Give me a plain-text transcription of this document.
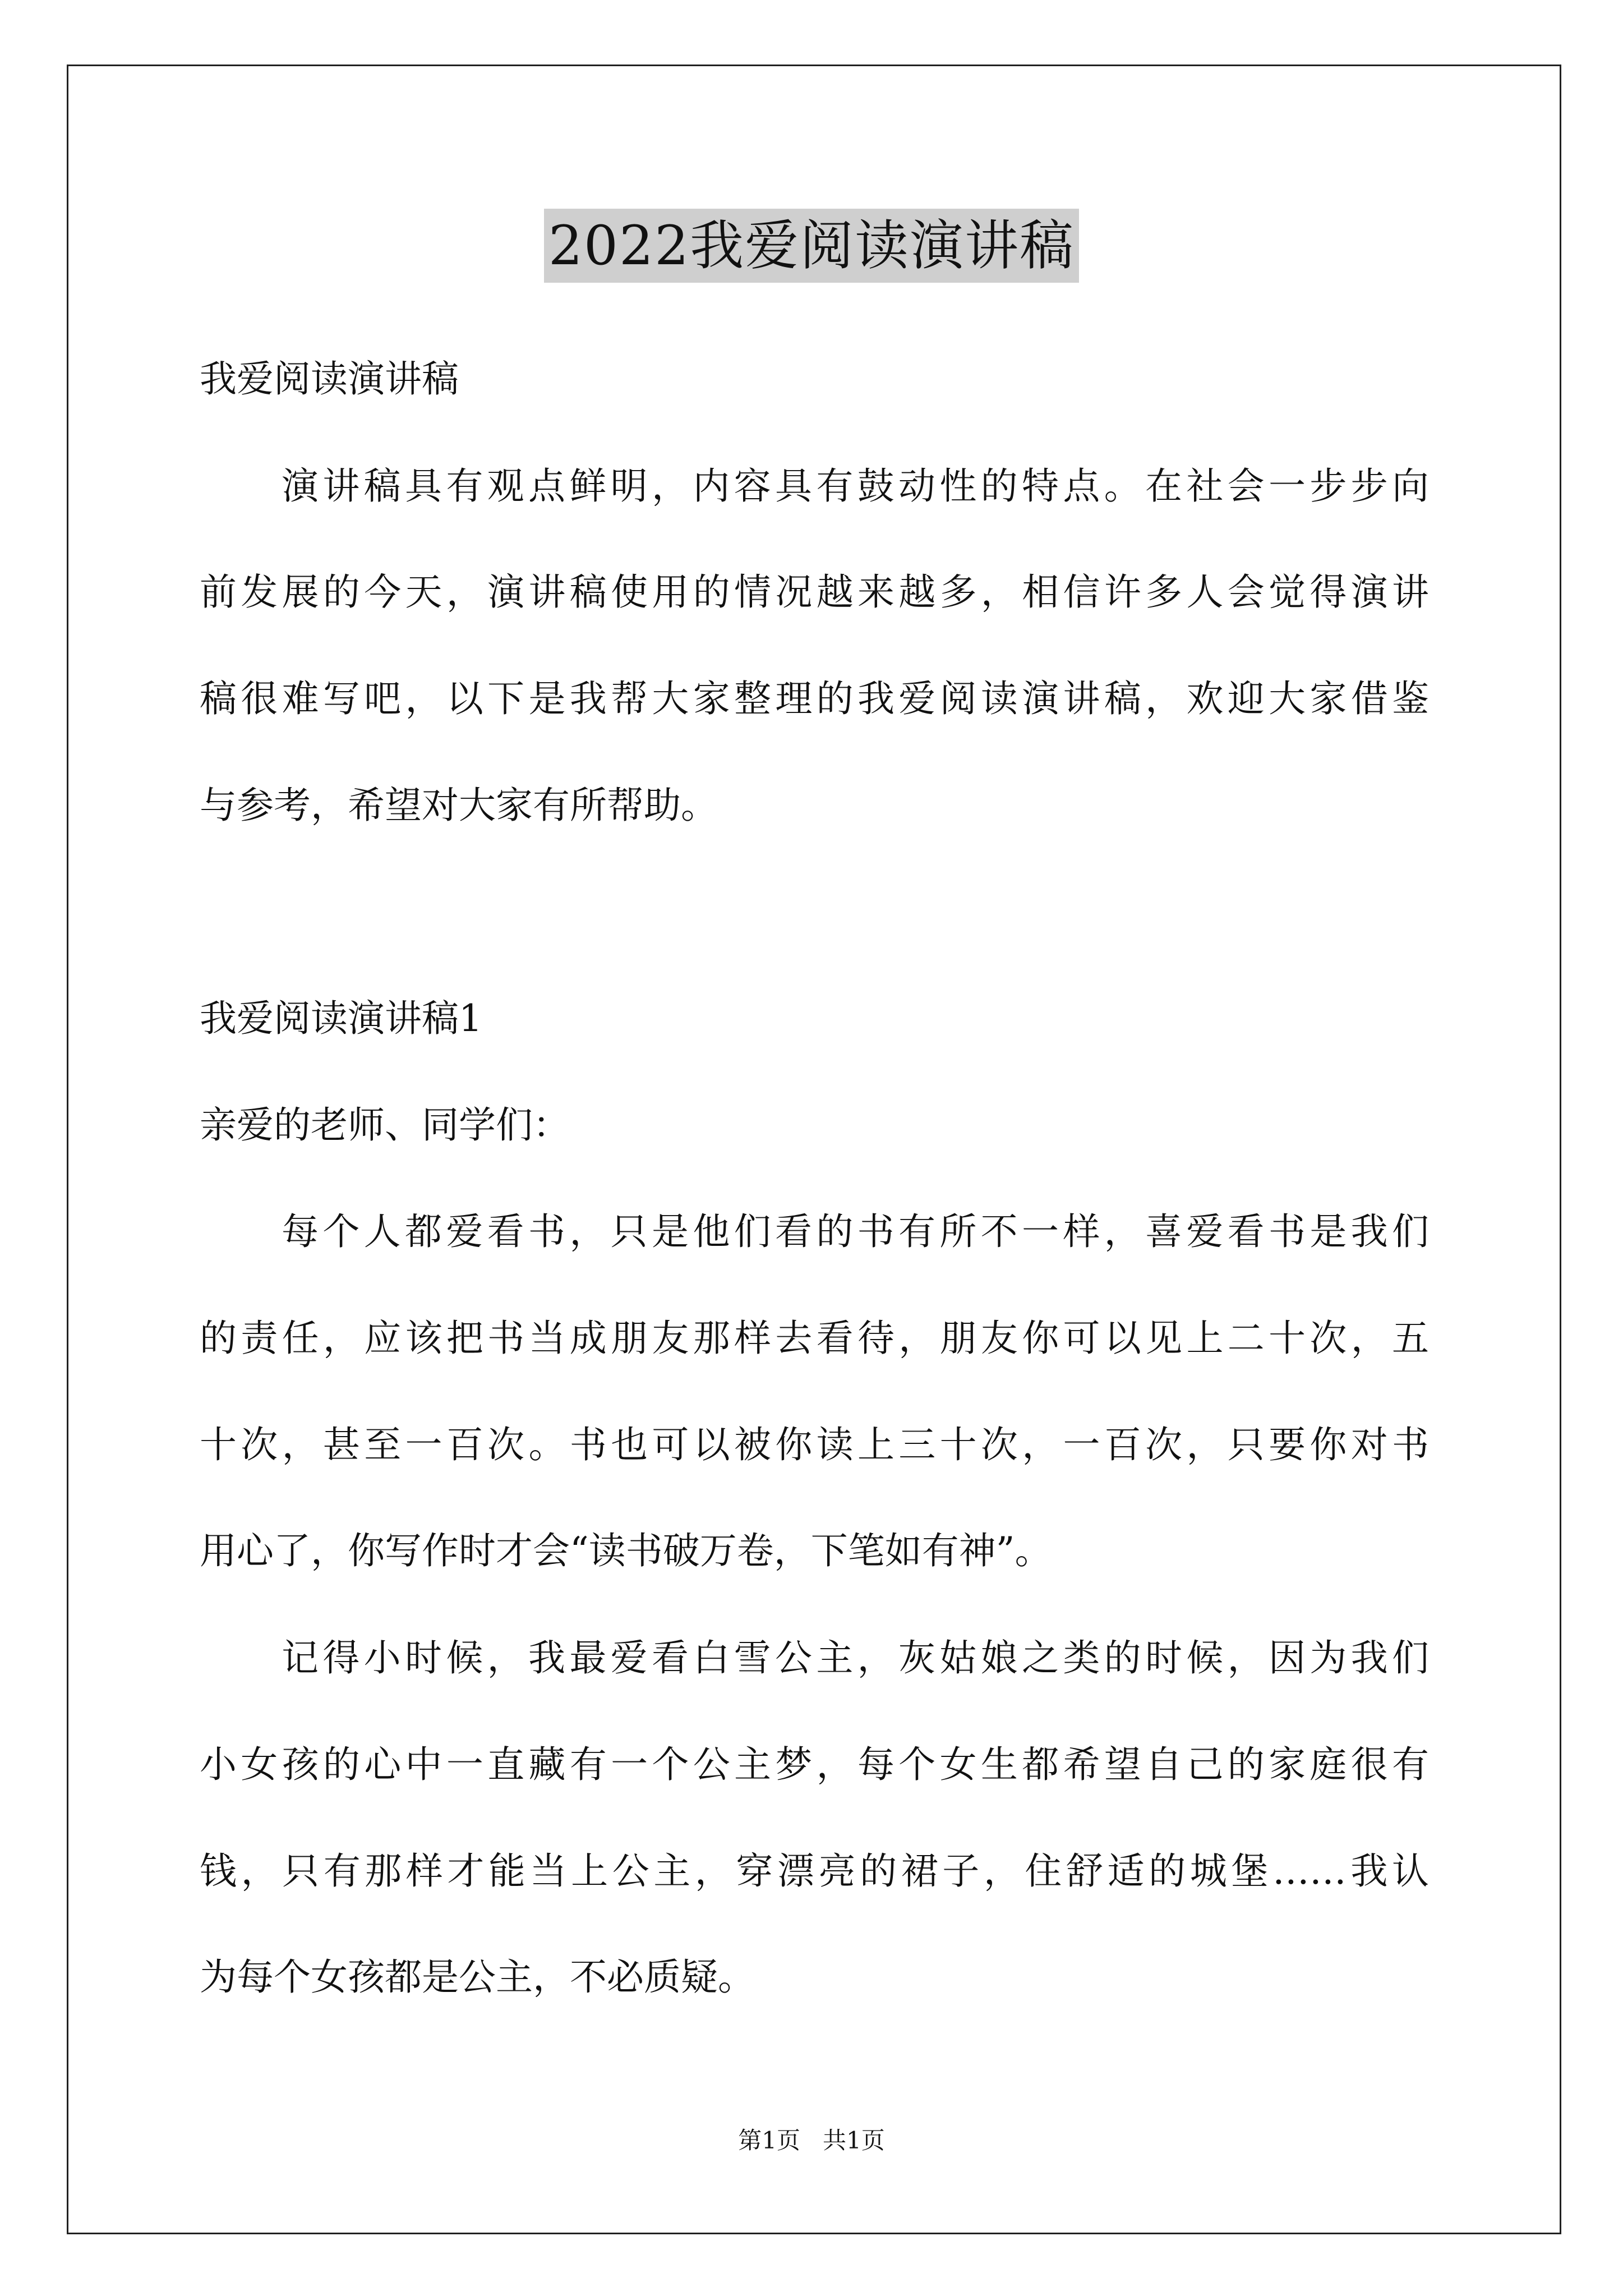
2022我爱阅读演讲稿
我爱阅读演讲稿
演讲稿具有观点鲜明，内容具有鼓动性的特点。在社会一步步向
前发展的今天，演讲稿使用的情况越来越多，相信许多人会觉得演讲
稿很难写吧，以下是我帮大家整理的我爱阅读演讲稿，欢迎大家借鉴
与参考，希望对大家有所帮助。
我爱阅读演讲稿1
亲爱的老师、同学们：
每个人都爱看书，只是他们看的书有所不一样，喜爱看书是我们
的责任，应该把书当成朋友那样去看待，朋友你可以见上二十次，五
十次，甚至一百次。书也可以被你读上三十次，一百次，只要你对书
用心了，你写作时才会“读书破万卷，下笔如有神”。
记得小时候，我最爱看白雪公主，灰姑娘之类的时候，因为我们
小女孩的心中一直藏有一个公主梦，每个女生都希望自己的家庭很有
钱，只有那样才能当上公主，穿漂亮的裙子，住舒适的城堡……我认
为每个女孩都是公主，不必质疑。
第1页   共1页
